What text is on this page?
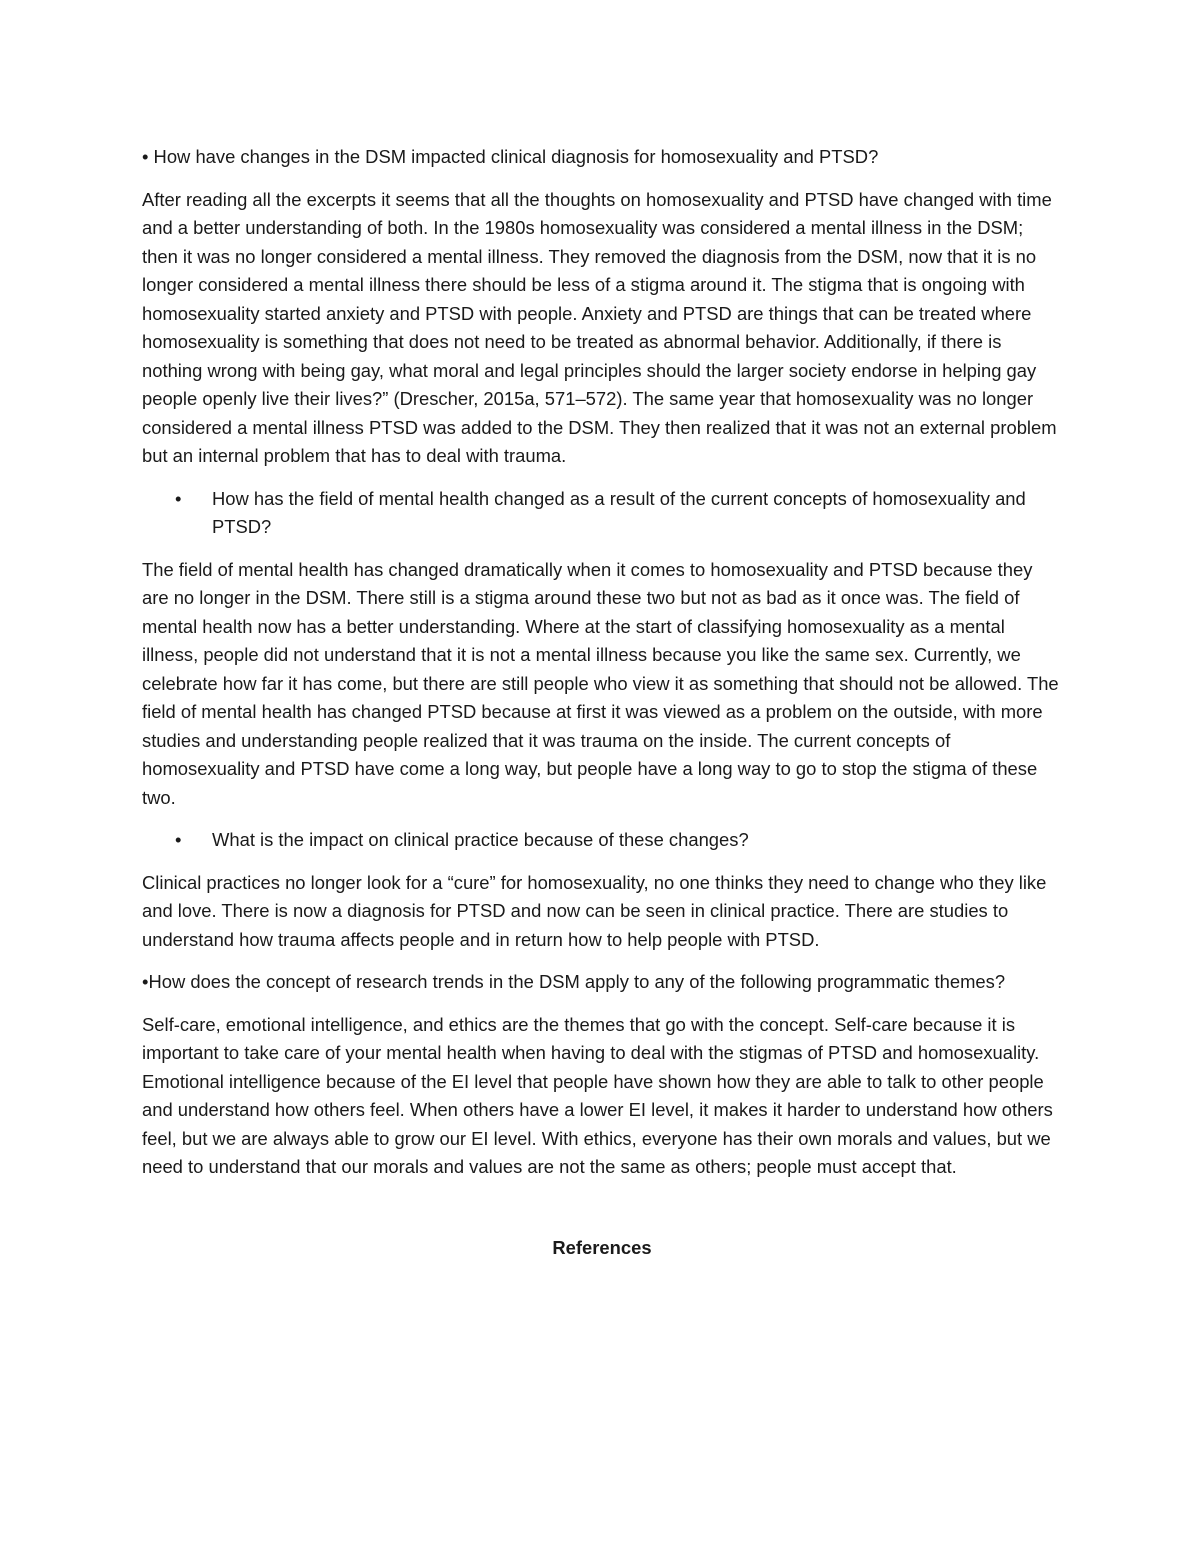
• How have changes in the DSM impacted clinical diagnosis for homosexuality and PTSD?

After reading all the excerpts it seems that all the thoughts on homosexuality and PTSD have changed with time and a better understanding of both. In the 1980s homosexuality was considered a mental illness in the DSM; then it was no longer considered a mental illness. They removed the diagnosis from the DSM, now that it is no longer considered a mental illness there should be less of a stigma around it. The stigma that is ongoing with homosexuality started anxiety and PTSD with people. Anxiety and PTSD are things that can be treated where homosexuality is something that does not need to be treated as abnormal behavior. Additionally, if there is nothing wrong with being gay, what moral and legal principles should the larger society endorse in helping gay people openly live their lives?” (Drescher, 2015a, 571–572). The same year that homosexuality was no longer considered a mental illness PTSD was added to the DSM. They then realized that it was not an external problem but an internal problem that has to deal with trauma.

• How has the field of mental health changed as a result of the current concepts of homosexuality and PTSD?

The field of mental health has changed dramatically when it comes to homosexuality and PTSD because they are no longer in the DSM. There still is a stigma around these two but not as bad as it once was. The field of mental health now has a better understanding. Where at the start of classifying homosexuality as a mental illness, people did not understand that it is not a mental illness because you like the same sex. Currently, we celebrate how far it has come, but there are still people who view it as something that should not be allowed. The field of mental health has changed PTSD because at first it was viewed as a problem on the outside, with more studies and understanding people realized that it was trauma on the inside. The current concepts of homosexuality and PTSD have come a long way, but people have a long way to go to stop the stigma of these two.

• What is the impact on clinical practice because of these changes?

Clinical practices no longer look for a “cure” for homosexuality, no one thinks they need to change who they like and love. There is now a diagnosis for PTSD and now can be seen in clinical practice. There are studies to understand how trauma affects people and in return how to help people with PTSD.

•How does the concept of research trends in the DSM apply to any of the following programmatic themes?

Self-care, emotional intelligence, and ethics are the themes that go with the concept. Self-care because it is important to take care of your mental health when having to deal with the stigmas of PTSD and homosexuality. Emotional intelligence because of the EI level that people have shown how they are able to talk to other people and understand how others feel. When others have a lower EI level, it makes it harder to understand how others feel, but we are always able to grow our EI level. With ethics, everyone has their own morals and values, but we need to understand that our morals and values are not the same as others; people must accept that.

References
